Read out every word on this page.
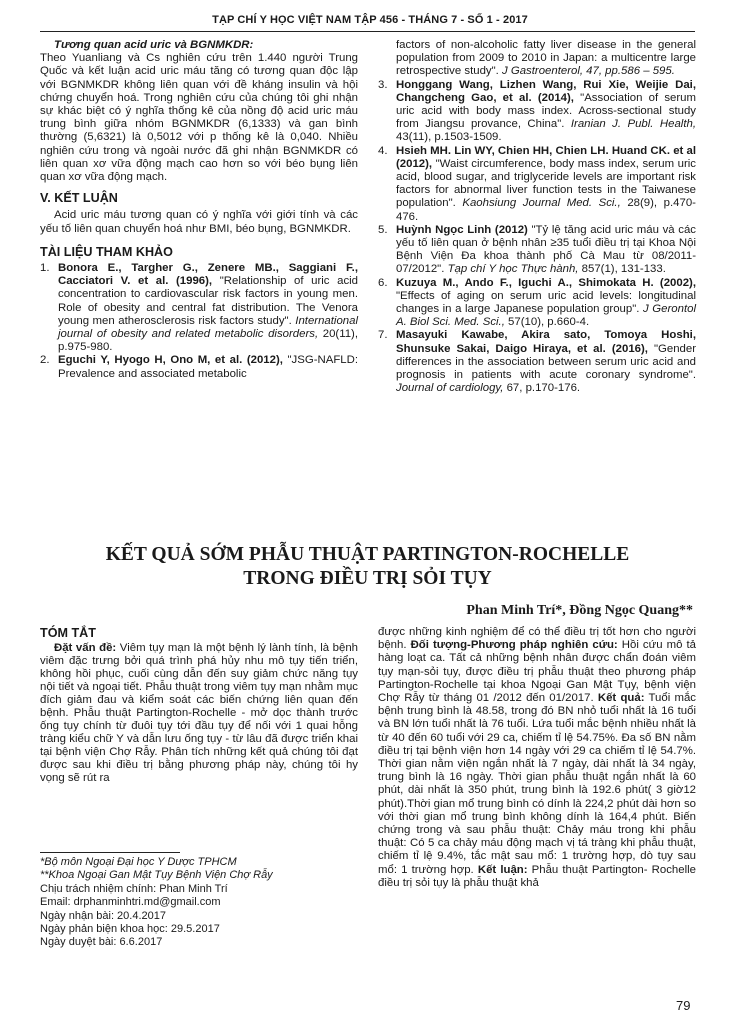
TẠP CHÍ Y HỌC VIỆT NAM TẬP 456 - THÁNG 7 - SỐ 1 - 2017

Tương quan acid uric và BGNMKDR:
Theo Yuanliang và Cs nghiên cứu trên 1.440 người Trung Quốc và kết luận acid uric máu tăng có tương quan độc lập với BGNMKDR không liên quan với đề kháng insulin và hội chứng chuyển hoá. Trong nghiên cứu của chúng tôi ghi nhận sự khác biệt có ý nghĩa thống kê của nồng độ acid uric máu trung bình giữa nhóm BGNMKDR (6,1333) và gan bình thường (5,6321) là 0,5012 với p thống kê là 0,040. Nhiều nghiên cứu trong và ngoài nước đã ghi nhận BGNMKDR có liên quan xơ vữa động mạch cao hơn so với béo bụng liên quan xơ vữa động mạch.

V. KẾT LUẬN

Acid uric máu tương quan có ý nghĩa với giới tính và các yếu tố liên quan chuyển hoá như BMI, béo bụng, BGNMKDR.

TÀI LIỆU THAM KHẢO
1. Bonora E., Targher G., Zenere MB., Saggiani F., Cacciatori V. et al. (1996), "Relationship of uric acid concentration to cardiovascular risk factors in young men. Role of obesity and central fat distribution. The Venora young men atherosclerosis risk factors study". International journal of obesity and related metabolic disorders, 20(11), p.975-980.
2. Eguchi Y, Hyogo H, Ono M, et al. (2012), "JSG-NAFLD: Prevalence and associated metabolic
factors of non-alcoholic fatty liver disease in the general population from 2009 to 2010 in Japan: a multicentre large retrospective study". J Gastroenterol, 47, pp.586 – 595.
3. Honggang Wang, Lizhen Wang, Rui Xie, Weijie Dai, Changcheng Gao, et al. (2014), "Association of serum uric acid with body mass index. Across-sectional study from Jiangsu provance, China". Iranian J. Publ. Health, 43(11), p.1503-1509.
4. Hsieh MH. Lin WY, Chien HH, Chien LH. Huand CK. et al (2012), "Waist circumference, body mass index, serum uric acid, blood sugar, and triglyceride levels are important risk factors for abnormal liver function tests in the Taiwanese population". Kaohsiung Journal Med. Sci., 28(9), p.470-476.
5. Huỳnh Ngọc Linh (2012) "Tỷ lệ tăng acid uric máu và các yếu tố liên quan ở bệnh nhân ≥35 tuổi điều trị tại Khoa Nội Bệnh Viện Đa khoa thành phố Cà Mau từ 08/2011-07/2012". Tạp chí Y học Thực hành, 857(1), 131-133.
6. Kuzuya M., Ando F., Iguchi A., Shimokata H. (2002), "Effects of aging on serum uric acid levels: longitudinal changes in a large Japanese population group". J Gerontol A. Biol Sci. Med. Sci., 57(10), p.660-4.
7. Masayuki Kawabe, Akira sato, Tomoya Hoshi, Shunsuke Sakai, Daigo Hiraya, et al. (2016), "Gender differences in the association between serum uric acid and prognosis in patients with acute coronary syndrome". Journal of cardiology, 67, p.170-176.
KẾT QUẢ SỚM PHẪU THUẬT PARTINGTON-ROCHELLE
TRONG ĐIỀU TRỊ SỎI TỤY
Phan Minh Trí*, Đồng Ngọc Quang**
TÓM TẮT

Đặt vấn đề: Viêm tụy mạn là một bệnh lý lành tính, là bệnh viêm đặc trưng bởi quá trình phá hủy nhu mô tụy tiến triển, không hồi phục, cuối cùng dẫn đến suy giảm chức năng tụy nội tiết và ngoại tiết. Phẫu thuật trong viêm tụy mạn nhằm mục đích giảm đau và kiểm soát các biến chứng liên quan đến bệnh. Phẫu thuật Partington-Rochelle - mở dọc thành trước ống tụy chính từ đuôi tụy tới đầu tụy để nối với 1 quai hỗng tràng kiểu chữ Y và dẫn lưu ống tụy - từ lâu đã được triển khai tại bệnh viện Chợ Rẫy. Phân tích những kết quả chúng tôi đạt được sau khi điều trị bằng phương pháp này, chúng tôi hy vọng sẽ rút ra

được những kinh nghiệm để có thể điều trị tốt hơn cho người bệnh. Đối tượng-Phương pháp nghiên cứu: Hồi cứu mô tả hàng loạt ca. Tất cả những bệnh nhân được chẩn đoán viêm tụy mạn-sỏi tụy, được điều trị phẫu thuật theo phương pháp Partington-Rochelle tại khoa Ngoại Gan Mật Tụy, bệnh viện Chợ Rẫy từ tháng 01 /2012 đến 01/2017. Kết quả: Tuổi mắc bệnh trung bình là 48.58, trong đó BN nhỏ tuổi nhất là 16 tuổi và BN lớn tuổi nhất là 76 tuổi. Lứa tuổi mắc bệnh nhiều nhất là từ 40 đến 60 tuổi với 29 ca, chiếm tỉ lệ 54.75%. Đa số BN nằm điều trị tại bệnh viện hơn 14 ngày với 29 ca chiếm tỉ lệ 54.7%. Thời gian nằm viện ngắn nhất là 7 ngày, dài nhất là 34 ngày, trung bình là 16 ngày. Thời gian phẫu thuật ngắn nhất là 60 phút, dài nhất là 350 phút, trung bình là 192.6 phút( 3 giờ12 phút).Thời gian mổ trung bình có dính là 224,2 phút dài hơn so với thời gian mổ trung bình không dính là 164,4 phút. Biến chứng trong và sau phẫu thuật: Chảy máu trong khi phẫu thuật: Có 5 ca chảy máu động mạch vị tá tràng khi phẫu thuật, chiếm tỉ lệ 9.4%, tắc mật sau mổ: 1 trường hợp, dò tụy sau mổ: 1 trường hợp. Kết luận: Phẫu thuật Partington- Rochelle điều trị sỏi tụy là phẫu thuật khả

*Bộ môn Ngoại Đại học Y Dược TPHCM
**Khoa Ngoại Gan Mật Tụy Bệnh Viện Chợ Rẫy
Chịu trách nhiệm chính: Phan Minh Trí
Email: drphanminhtri.md@gmail.com
Ngày nhận bài: 20.4.2017
Ngày phản biện khoa học: 29.5.2017
Ngày duyệt bài: 6.6.2017
79
